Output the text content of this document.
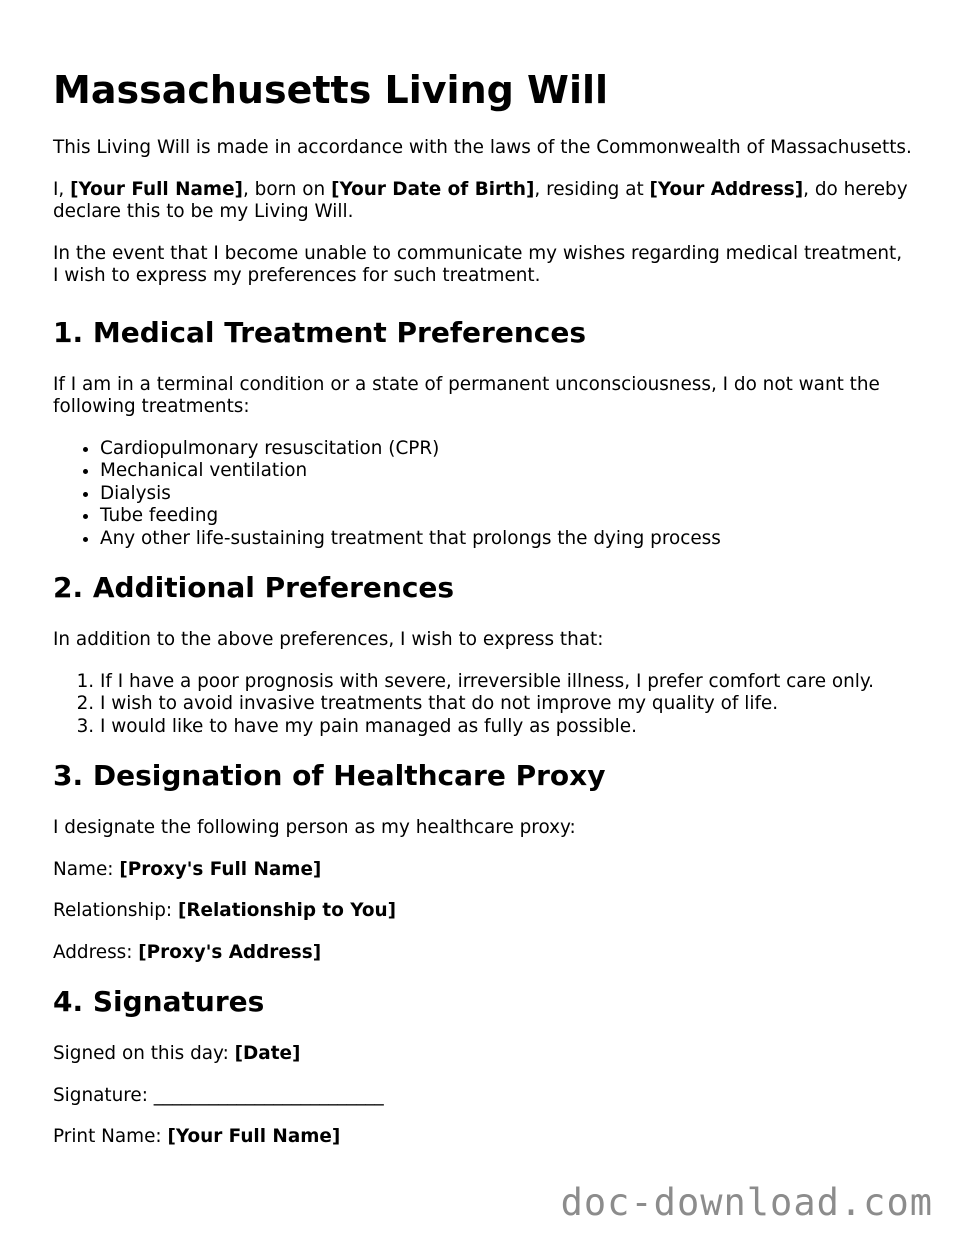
Massachusetts Living Will

This Living Will is made in accordance with the laws of the Commonwealth of Massachusetts.

I, [Your Full Name], born on [Your Date of Birth], residing at [Your Address], do hereby declare this to be my Living Will.

In the event that I become unable to communicate my wishes regarding medical treatment, I wish to express my preferences for such treatment.

1. Medical Treatment Preferences

If I am in a terminal condition or a state of permanent unconsciousness, I do not want the following treatments:

• Cardiopulmonary resuscitation (CPR)
• Mechanical ventilation
• Dialysis
• Tube feeding
• Any other life-sustaining treatment that prolongs the dying process
2. Additional Preferences

In addition to the above preferences, I wish to express that:

1. If I have a poor prognosis with severe, irreversible illness, I prefer comfort care only.
2. I wish to avoid invasive treatments that do not improve my quality of life.
3. I would like to have my pain managed as fully as possible.
3. Designation of Healthcare Proxy

I designate the following person as my healthcare proxy:

Name: [Proxy's Full Name]

Relationship: [Relationship to You]

Address: [Proxy's Address]

4. Signatures

Signed on this day: [Date]

Signature: _________________________

Print Name: [Your Full Name]

doc-download.com
